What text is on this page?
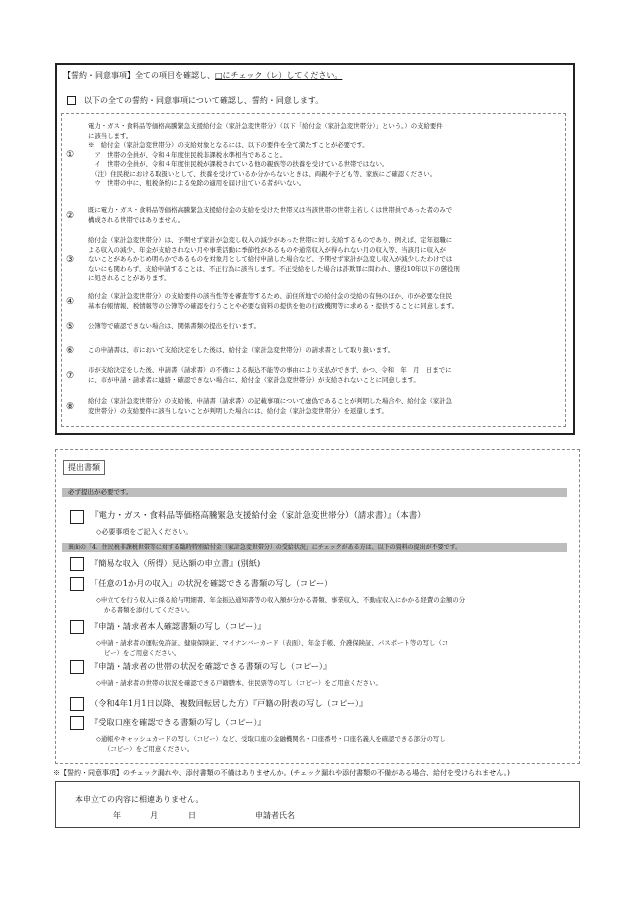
【誓約・同意事項】全ての項目を確認し、□にチェック（レ）してください。
以下の全ての誓約・同意事項について確認し、誓約・同意します。
①
電力・ガス・食料品等価格高騰緊急支援給付金（家計急変世帯分）（以下「給付金（家計急変世帯分）」という。）の支給要件
に該当します。
※　給付金（家計急変世帯分）の支給対象となるには、以下の要件を全て満たすことが必要です。
　ア　世帯の全員が、令和４年度住民税非課税水準相当であること。
　イ　世帯の全員が、令和４年度住民税が課税されている他の親族等の扶養を受けている世帯ではない。
　（注）住民税における取扱いとして、扶養を受けているか分からないときは、両親や子ども等、家族にご確認ください。
　ウ　世帯の中に、租税条約による免除の適用を届け出ている者がいない。
②
既に電力・ガス・食料品等価格高騰緊急支援給付金の支給を受けた世帯又は当該世帯の世帯主若しくは世帯員であった者のみで
構成される世帯ではありません。
③
給付金（家計急変世帯分）は、予期せず家計が急変し収入の減少があった世帯に対し支給するものであり、例えば、定年退職に
よる収入の減少、年金が支給されない月や事業活動に季節性があるものや通常収入が得られない月の収入等、当該月に収入が
ないことがあらかじめ明らかであるものを対象月として給付申請した場合など、予期せず家計が急変し収入が減少したわけでは
ないにも関わらず、支給申請することは、不正行為に該当します。不正受給をした場合は詐欺罪に問われ、懲役10年以下の懲役刑
に処されることがあります。
④
給付金（家計急変世帯分）の支給要件の該当性等を審査等するため、前住所地での給付金の受給の有無のほか、市が必要な住民
基本台帳情報、税情報等の公簿等の確認を行うことや必要な資料の提供を他の行政機関等に求める・提供することに同意します。
⑤ 公簿等で確認できない場合は、関係書類の提出を行います。
⑥ この申請書は、市において支給決定をした後は、給付金（家計急変世帯分）の請求書として取り扱います。
⑦
市が支給決定をした後、申請書（請求書）の不備による振込不能等の事由により支払ができず、かつ、令和　年　月　日までに
に、市が申請・請求者に連絡・確認できない場合に、給付金（家計急変世帯分）が支給されないことに同意します。
⑧
給付金（家計急変世帯分）の支給後、申請書（請求書）の記載事項について虚偽であることが判明した場合や、給付金（家計急
変世帯分）の支給要件に該当しないことが判明した場合には、給付金（家計急変世帯分）を返還します。
提出書類
必ず提出が必要です。
『電力・ガス・食料品等価格高騰緊急支援給付金（家計急変世帯分）（請求書）』（本書）
◇必要事項をご記入ください。
裏面の「4．住民税非課税世帯等に対する臨時特別給付金（家計急変世帯分）の受給状況」にチェックがある方は、以下の資料の提出が不要です。
『簡易な収入（所得）見込額の申立書』(別紙)
「任意の1か月の収入」の状況を確認できる書類の写し（コピー）
◇申立てを行う収入に係る給与明細書、年金振込通知書等の収入額が分かる書類、事業収入、不動産収入にかかる経費の金額の分
かる書類を添付してください。
『申請・請求者本人確認書類の写し（コピー）』
◇申請・請求者の運転免許証、健康保険証、マイナンバーカード（表面）、年金手帳、介護保険証、パスポート等の写し（コ
ピー）をご用意ください。
『申請・請求者の世帯の状況を確認できる書類の写し（コピー）』
◇申請・請求者の世帯の状況を確認できる戸籍謄本、住民票等の写し（コピー）をご用意ください。
（令和4年1月1日以降、複数回転居した方）『戸籍の附表の写し（コピー）』
『受取口座を確認できる書類の写し（コピー）』
◇通帳やキャッシュカードの写し（コピー）など、受取口座の金融機関名・口座番号・口座名義人を確認できる部分の写し
（コピー）をご用意ください。
※【誓約・同意事項】のチェック漏れや、添付書類の不備はありませんか。(チェック漏れや添付書類の不備がある場合、給付を受けられません。)
本申立ての内容に相違ありません。
年	月	日	申請者氏名
